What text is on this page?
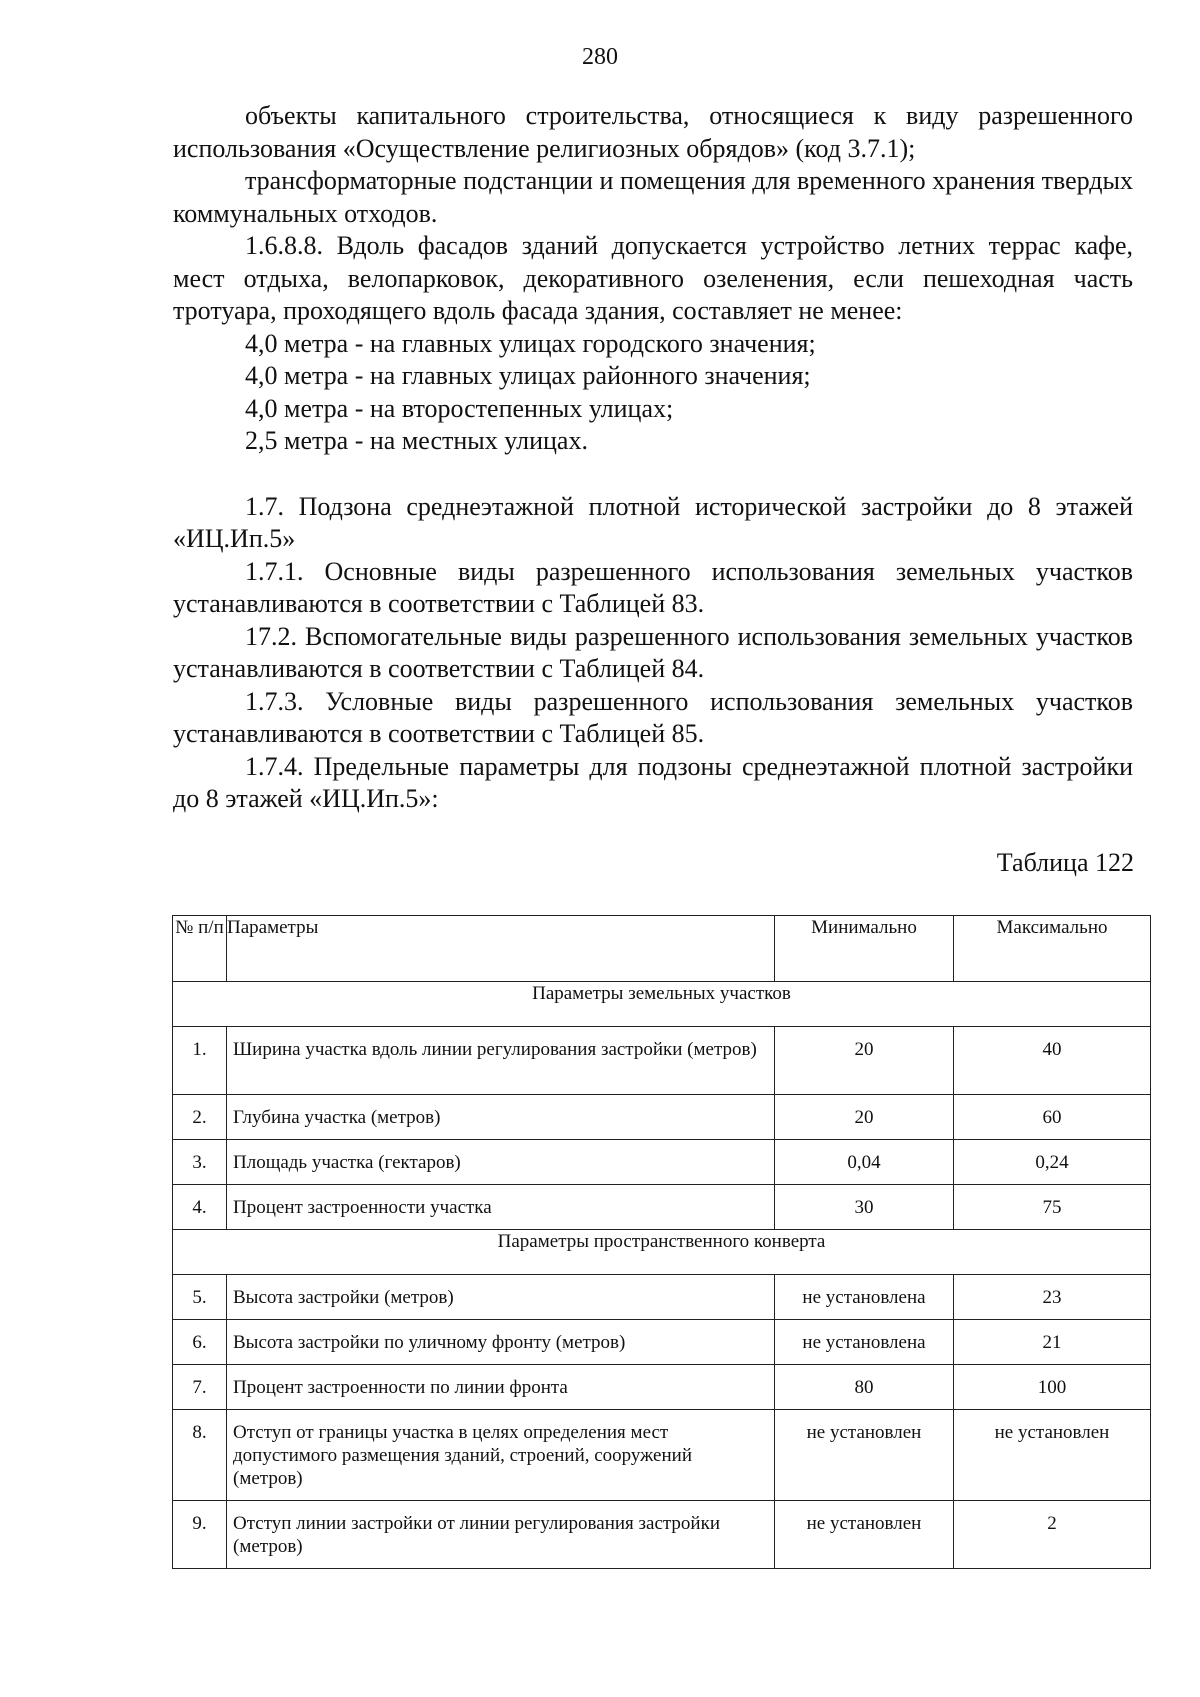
280

объекты капитального строительства, относящиеся к виду разрешенного использования «Осуществление религиозных обрядов» (код 3.7.1);

трансформаторные подстанции и помещения для временного хранения твердых коммунальных отходов.

1.6.8.8. Вдоль фасадов зданий допускается устройство летних террас кафе, мест отдыха, велопарковок, декоративного озеленения, если пешеходная часть тротуара, проходящего вдоль фасада здания, составляет не менее:

4,0 метра - на главных улицах городского значения;

4,0 метра - на главных улицах районного значения;

4,0 метра - на второстепенных улицах;

2,5 метра - на местных улицах.

1.7. Подзона среднеэтажной плотной исторической застройки до 8 этажей «ИЦ.Ип.5»

1.7.1. Основные виды разрешенного использования земельных участков устанавливаются в соответствии с Таблицей 83.

17.2. Вспомогательные виды разрешенного использования земельных участков устанавливаются в соответствии с Таблицей 84.

1.7.3. Условные виды разрешенного использования земельных участков устанавливаются в соответствии с Таблицей 85.

1.7.4. Предельные параметры для подзоны среднеэтажной плотной застройки до 8 этажей «ИЦ.Ип.5»:

Таблица 122
№ п/п	Параметры	Минимально	Максимально
Параметры земельных участков			
1.	Ширина участка вдоль линии регулирования застройки (метров)	20	40
2.	Глубина участка (метров)	20	60
3.	Площадь участка (гектаров)	0,04	0,24
4.	Процент застроенности участка	30	75
Параметры пространственного конверта			
5.	Высота застройки (метров)	не установлена	23
6.	Высота застройки по уличному фронту (метров)	не установлена	21
7.	Процент застроенности по линии фронта	80	100
8.	Отступ от границы участка в целях определения мест допустимого размещения зданий, строений, сооружений (метров)	не установлен	не установлен
9.	Отступ линии застройки от линии регулирования застройки (метров)	не установлен	2
